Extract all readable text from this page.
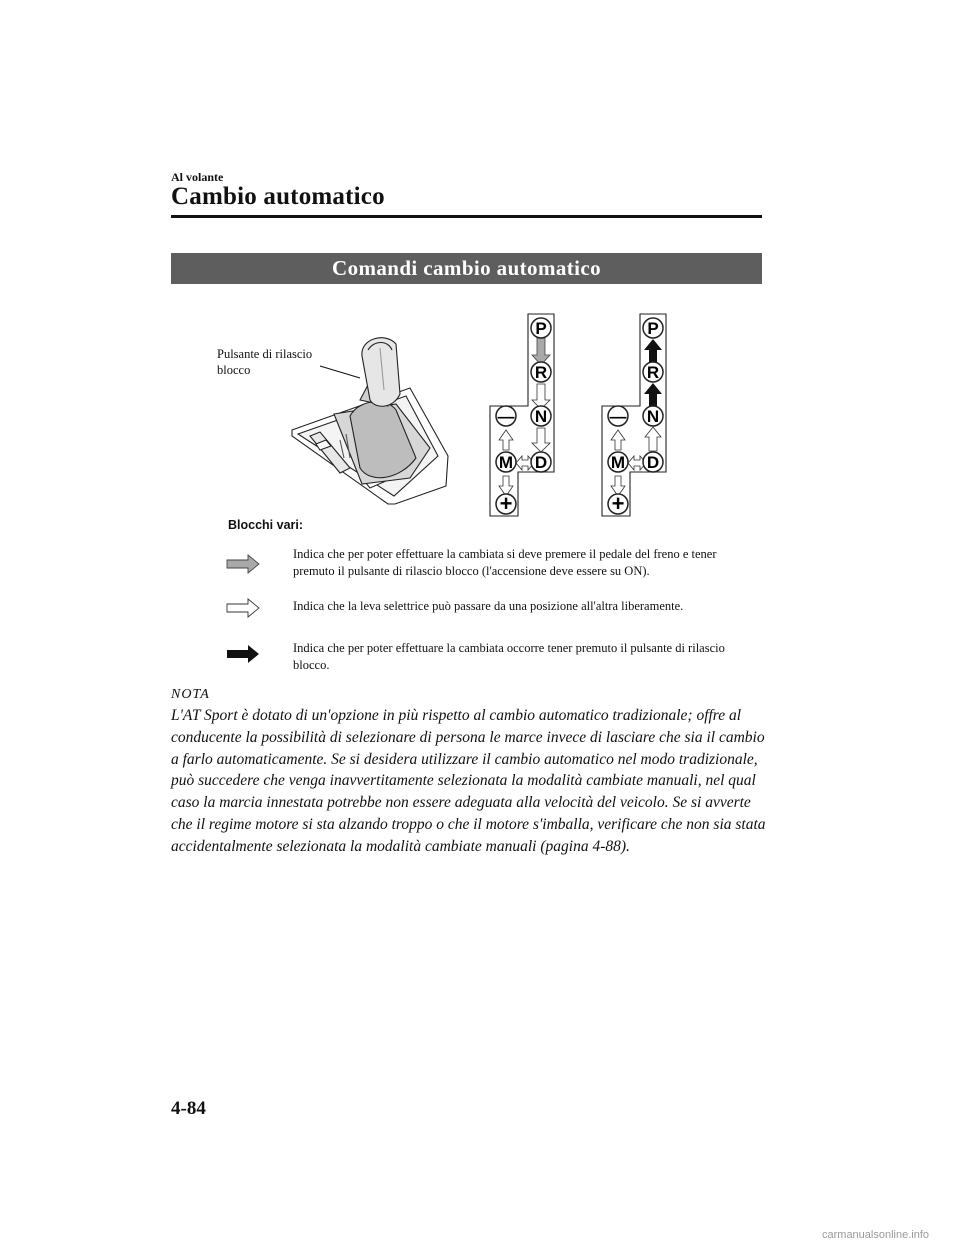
Al volante
Cambio automatico
Comandi cambio automatico
Pulsante di rilascio blocco
P
R
N
D
M
—
+
P
R
N
D
M
—
+
Blocchi vari:
Indica che per poter effettuare la cambiata si deve premere il pedale del freno e tener premuto il pulsante di rilascio blocco (l'accensione deve essere su ON).
Indica che la leva selettrice può passare da una posizione all'altra liberamente.
Indica che per poter effettuare la cambiata occorre tener premuto il pulsante di rilascio blocco.
NOTA
L'AT Sport è dotato di un'opzione in più rispetto al cambio automatico tradizionale; offre al conducente la possibilità di selezionare di persona le marce invece di lasciare che sia il cambio a farlo automaticamente. Se si desidera utilizzare il cambio automatico nel modo tradizionale, può succedere che venga inavvertitamente selezionata la modalità cambiate manuali, nel qual caso la marcia innestata potrebbe non essere adeguata alla velocità del veicolo. Se si avverte che il regime motore si sta alzando troppo o che il motore s'imballa, verificare che non sia stata accidentalmente selezionata la modalità cambiate manuali (pagina 4-88).
4-84
carmanualsonline.info
